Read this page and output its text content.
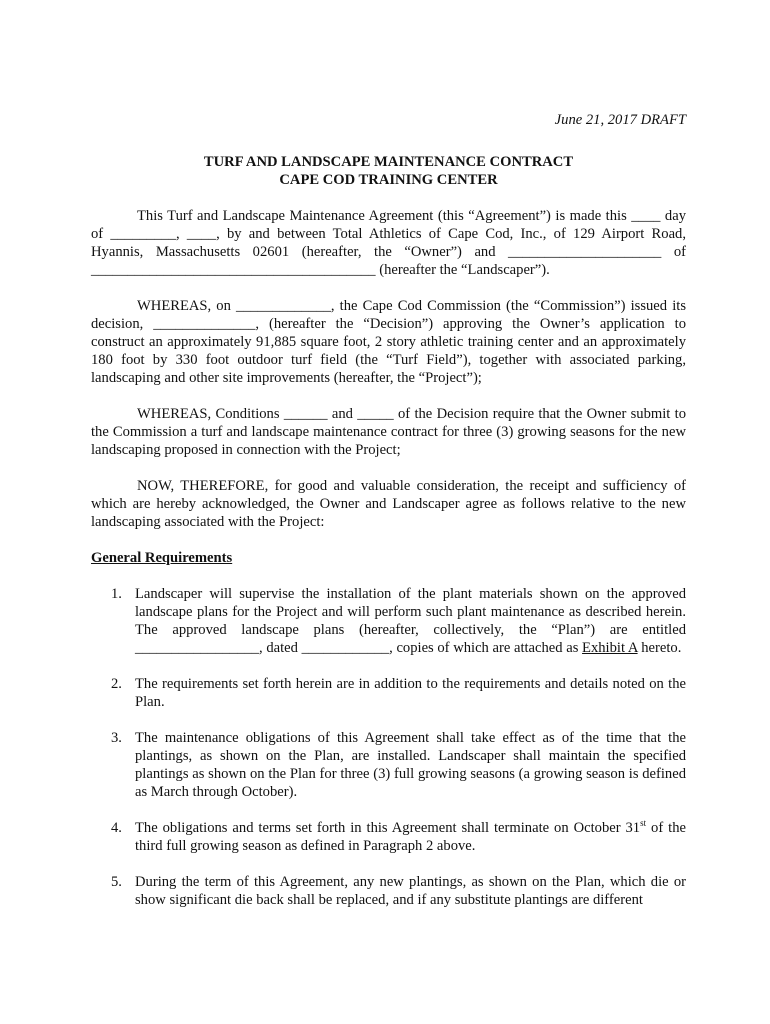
June 21, 2017 DRAFT
TURF AND LANDSCAPE MAINTENANCE CONTRACT
CAPE COD TRAINING CENTER

This Turf and Landscape Maintenance Agreement (this “Agreement”) is made this ____ day of _________, ____, by and between Total Athletics of Cape Cod, Inc., of 129 Airport Road, Hyannis, Massachusetts 02601 (hereafter, the “Owner”) and _____________________ of _______________________________________ (hereafter the “Landscaper”).

WHEREAS, on _____________, the Cape Cod Commission (the “Commission”) issued its decision, ______________, (hereafter the “Decision”) approving the Owner’s application to construct an approximately 91,885 square foot, 2 story athletic training center and an approximately 180 foot by 330 foot outdoor turf field (the “Turf Field”), together with associated parking, landscaping and other site improvements (hereafter, the “Project”);

WHEREAS, Conditions ______ and _____ of the Decision require that the Owner submit to the Commission a turf and landscape maintenance contract for three (3) growing seasons for the new landscaping proposed in connection with the Project;

NOW, THEREFORE, for good and valuable consideration, the receipt and sufficiency of which are hereby acknowledged, the Owner and Landscaper agree as follows relative to the new landscaping associated with the Project:

General Requirements
1. Landscaper will supervise the installation of the plant materials shown on the approved landscape plans for the Project and will perform such plant maintenance as described herein. The approved landscape plans (hereafter, collectively, the “Plan”) are entitled _________________, dated ____________, copies of which are attached as Exhibit A hereto.
2. The requirements set forth herein are in addition to the requirements and details noted on the Plan.
3. The maintenance obligations of this Agreement shall take effect as of the time that the plantings, as shown on the Plan, are installed. Landscaper shall maintain the specified plantings as shown on the Plan for three (3) full growing seasons (a growing season is defined as March through October).
4. The obligations and terms set forth in this Agreement shall terminate on October 31st of the third full growing season as defined in Paragraph 2 above.
5. During the term of this Agreement, any new plantings, as shown on the Plan, which die or show significant die back shall be replaced, and if any substitute plantings are different
